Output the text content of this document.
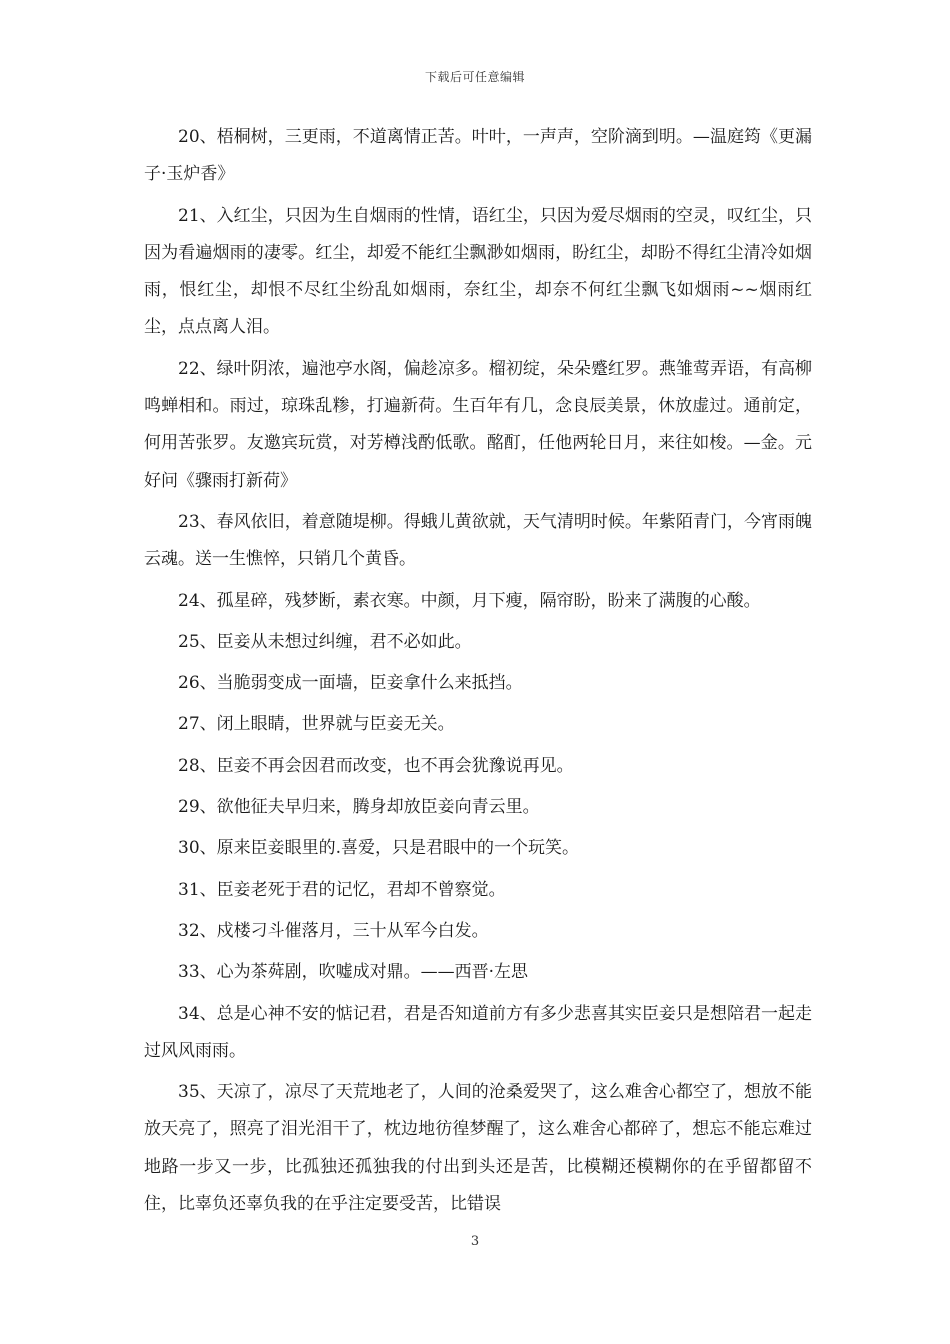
下载后可任意编辑

20、梧桐树，三更雨，不道离情正苦。叶叶，一声声，空阶滴到明。—温庭筠《更漏子·玉炉香》

21、入红尘，只因为生自烟雨的性情，语红尘，只因为爱尽烟雨的空灵，叹红尘，只因为看遍烟雨的凄零。红尘，却爱不能红尘飘渺如烟雨，盼红尘，却盼不得红尘清冷如烟雨，恨红尘，却恨不尽红尘纷乱如烟雨，奈红尘，却奈不何红尘飘飞如烟雨~~烟雨红尘，点点离人泪。

22、绿叶阴浓，遍池亭水阁，偏趁凉多。榴初绽，朵朵蹙红罗。燕雏莺弄语，有高柳鸣蝉相和。雨过，琼珠乱糁，打遍新荷。生百年有几，念良辰美景，休放虚过。通前定，何用苦张罗。友邀宾玩赏，对芳樽浅酌低歌。酩酊，任他两轮日月，来往如梭。—金。元好问《骤雨打新荷》

23、春风依旧，着意随堤柳。得蛾儿黄欲就，天气清明时候。年紫陌青门，今宵雨魄云魂。送一生憔悴，只销几个黄昏。

24、孤星碎，残梦断，素衣寒。中颜，月下瘦，隔帘盼，盼来了满腹的心酸。

25、臣妾从未想过纠缠，君不必如此。

26、当脆弱变成一面墙，臣妾拿什么来抵挡。

27、闭上眼睛，世界就与臣妾无关。

28、臣妾不再会因君而改变，也不再会犹豫说再见。

29、欲他征夫早归来，腾身却放臣妾向青云里。

30、原来臣妾眼里的.喜爱，只是君眼中的一个玩笑。

31、臣妾老死于君的记忆，君却不曾察觉。

32、戍楼刁斗催落月，三十从军今白发。

33、心为茶荈剧，吹嘘成对鼎。——西晋·左思

34、总是心神不安的惦记君，君是否知道前方有多少悲喜其实臣妾只是想陪君一起走过风风雨雨。

35、天凉了，凉尽了天荒地老了，人间的沧桑爱哭了，这么难舍心都空了，想放不能放天亮了，照亮了泪光泪干了，枕边地彷徨梦醒了，这么难舍心都碎了，想忘不能忘难过地路一步又一步，比孤独还孤独我的付出到头还是苦，比模糊还模糊你的在乎留都留不住，比辜负还辜负我的在乎注定要受苦，比错误

3
